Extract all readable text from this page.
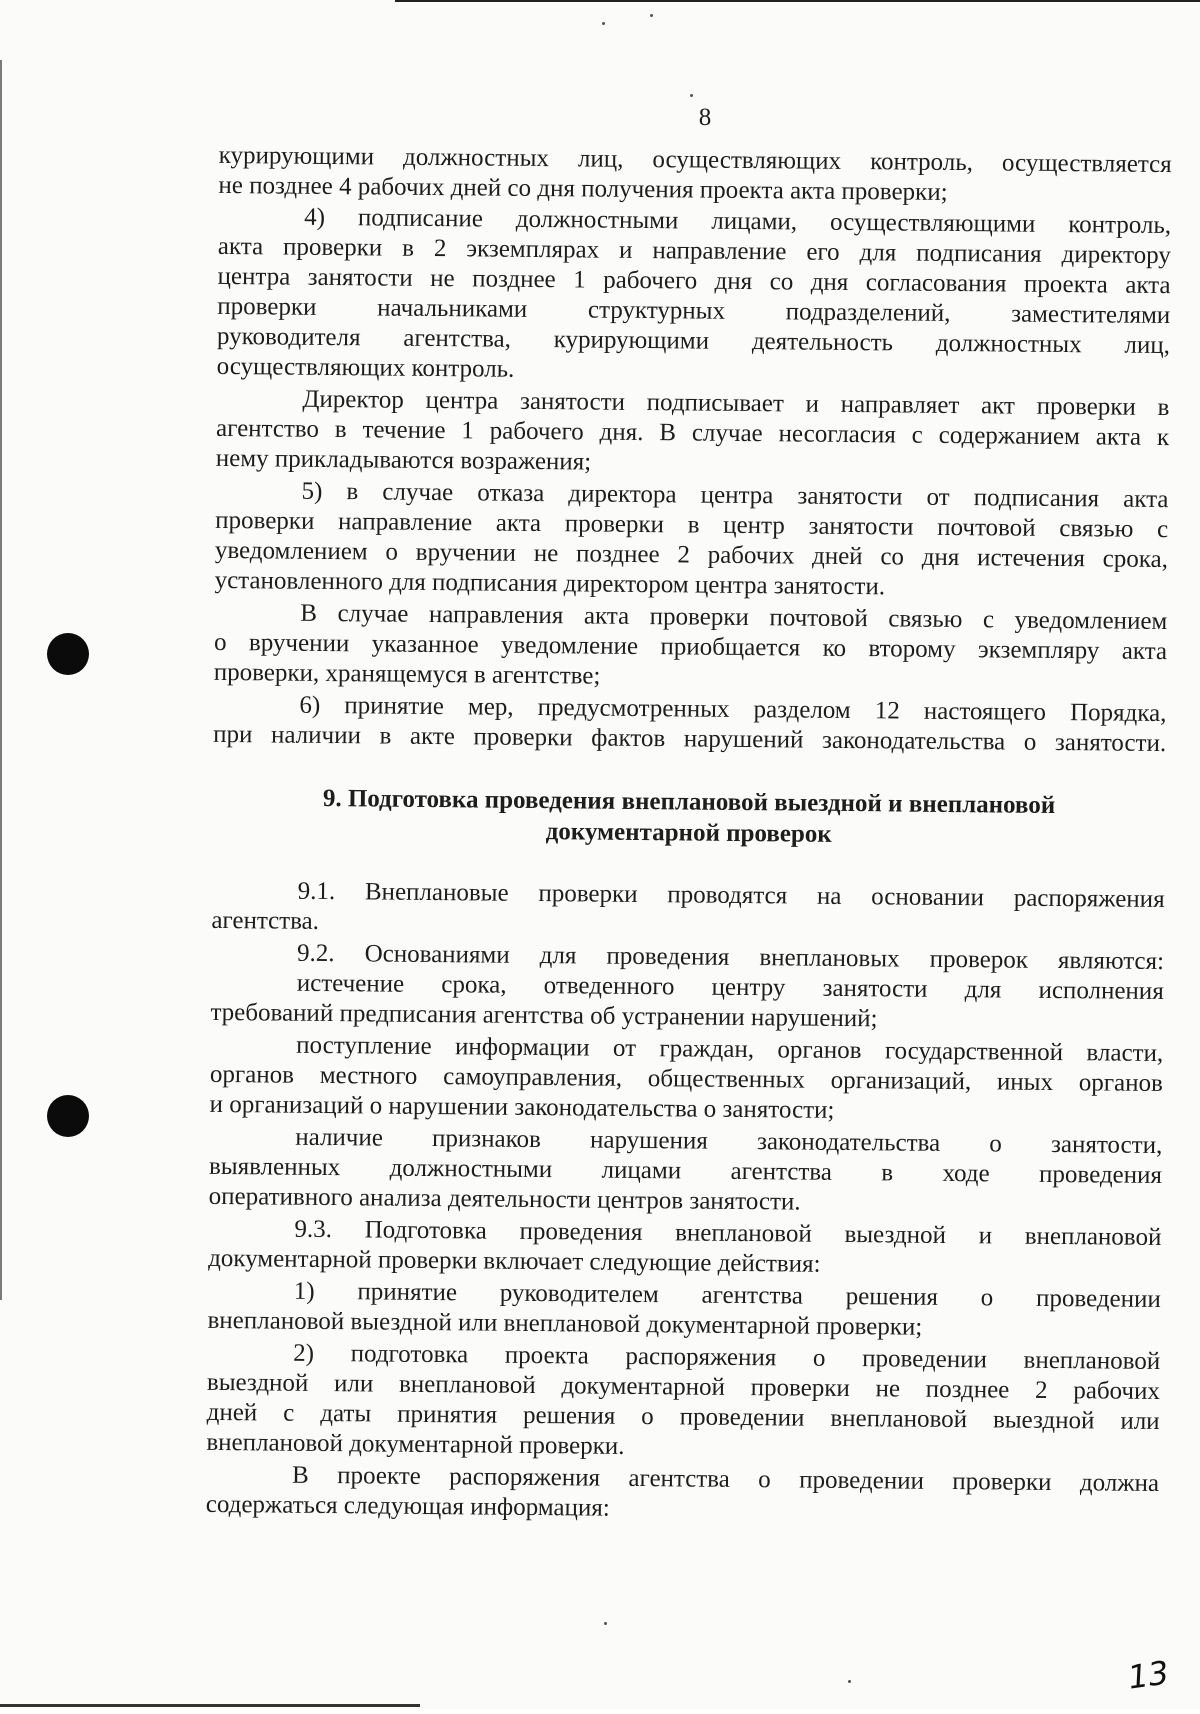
8

курирующими должностных лиц, осуществляющих контроль, осуществляется

не позднее 4 рабочих дней со дня получения проекта акта проверки;

4) подписание должностными лицами, осуществляющими контроль,

акта проверки в 2 экземплярах и направление его для подписания директору

центра занятости не позднее 1 рабочего дня со дня согласования проекта акта

проверки начальниками структурных подразделений, заместителями

руководителя агентства, курирующими деятельность должностных лиц,

осуществляющих контроль.

Директор центра занятости подписывает и направляет акт проверки в

агентство в течение 1 рабочего дня. В случае несогласия с содержанием акта к

нему прикладываются возражения;

5) в случае отказа директора центра занятости от подписания акта

проверки направление акта проверки в центр занятости почтовой связью с

уведомлением о вручении не позднее 2 рабочих дней со дня истечения срока,

установленного для подписания директором центра занятости.

В случае направления акта проверки почтовой связью с уведомлением

о вручении указанное уведомление приобщается ко второму экземпляру акта

проверки, хранящемуся в агентстве;

6) принятие мер, предусмотренных разделом 12 настоящего Порядка,

при наличии в акте проверки фактов нарушений законодательства о занятости.

9. Подготовка проведения внеплановой выездной и внеплановой

документарной проверок

9.1. Внеплановые проверки проводятся на основании распоряжения

агентства.

9.2. Основаниями для проведения внеплановых проверок являются:

истечение срока, отведенного центру занятости для исполнения

требований предписания агентства об устранении нарушений;

поступление информации от граждан, органов государственной власти,

органов местного самоуправления, общественных организаций, иных органов

и организаций о нарушении законодательства о занятости;

наличие признаков нарушения законодательства о занятости,

выявленных должностными лицами агентства в ходе проведения

оперативного анализа деятельности центров занятости.

9.3. Подготовка проведения внеплановой выездной и внеплановой

документарной проверки включает следующие действия:

1) принятие руководителем агентства решения о проведении

внеплановой выездной или внеплановой документарной проверки;

2) подготовка проекта распоряжения о проведении внеплановой

выездной или внеплановой документарной проверки не позднее 2 рабочих

дней с даты принятия решения о проведении внеплановой выездной или

внеплановой документарной проверки.

В проекте распоряжения агентства о проведении проверки должна

содержаться следующая информация:

13
